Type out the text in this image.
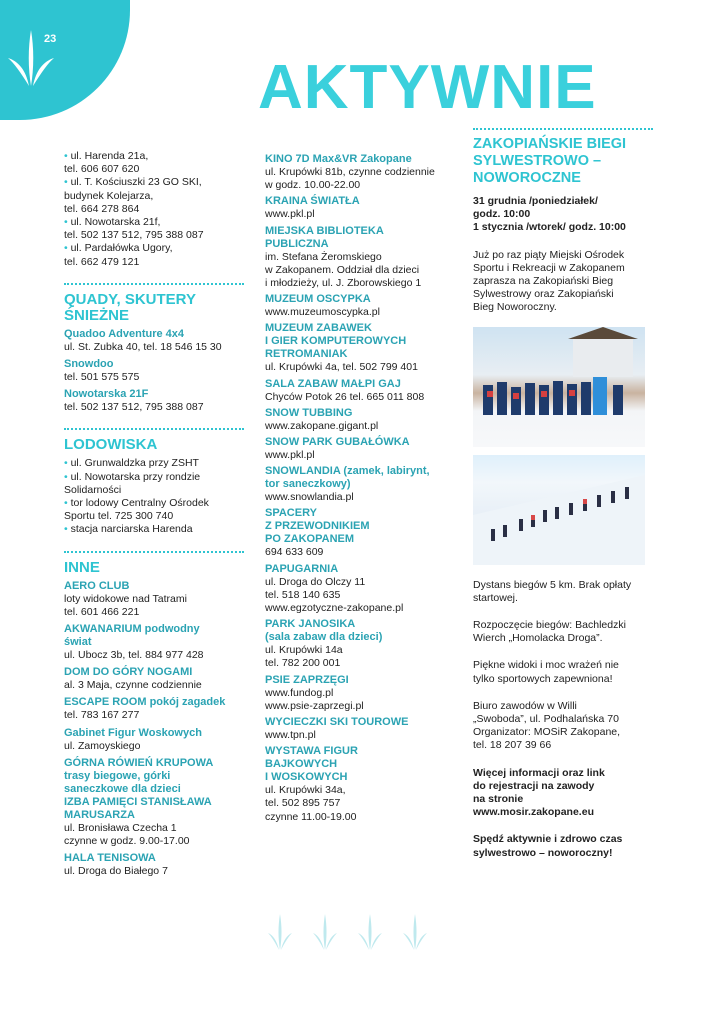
23
AKTYWNIE
• ul. Harenda 21a,
tel. 606 607 620
• ul. T. Kościuszki 23 GO SKI,
budynek Kolejarza,
tel. 664 278 864
• ul. Nowotarska 21f,
tel. 502 137 512, 795 388 087
• ul. Pardałówka Ugory,
tel. 662 479 121
QUADY, SKUTERY
ŚNIEŻNE
Quadoo Adventure 4x4
ul. St. Zubka 40, tel. 18 546 15 30
Snowdoo
tel. 501 575 575
Nowotarska 21F
tel. 502 137 512, 795 388 087
LODOWISKA
• ul. Grunwaldzka przy ZSHT
• ul. Nowotarska przy rondzie
Solidarności
• tor lodowy Centralny Ośrodek
Sportu tel. 725 300 740
• stacja narciarska Harenda
INNE
AERO CLUB
loty widokowe nad Tatrami
tel. 601 466 221
AKWANARIUM podwodny
świat
ul. Ubocz 3b, tel. 884 977 428
DOM DO GÓRY NOGAMI
al. 3 Maja, czynne codziennie
ESCAPE ROOM pokój zagadek
tel. 783 167 277
Gabinet Figur Woskowych
ul. Zamoyskiego
GÓRNA RÓWIEŃ KRUPOWA
trasy biegowe, górki
saneczkowe dla dzieci
IZBA PAMIĘCI STANISŁAWA
MARUSARZA
ul. Bronisława Czecha 1
czynne w godz. 9.00-17.00
HALA TENISOWA
ul. Droga do Białego 7
KINO 7D Max&VR Zakopane
ul. Krupówki 81b, czynne codziennie
w godz. 10.00-22.00
KRAINA ŚWIATŁA
www.pkl.pl
MIEJSKA BIBLIOTEKA
PUBLICZNA
im. Stefana Żeromskiego
w Zakopanem. Oddział dla dzieci
i młodzieży, ul. J. Zborowskiego 1
MUZEUM OSCYPKA
www.muzeumoscypka.pl
MUZEUM ZABAWEK
I GIER KOMPUTEROWYCH
RETROMANIAK
ul. Krupówki 4a, tel. 502 799 401
SALA ZABAW MAŁPI GAJ
Chyców Potok 26 tel. 665 011 808
SNOW TUBBING
www.zakopane.gigant.pl
SNOW PARK GUBAŁÓWKA
www.pkl.pl
SNOWLANDIA (zamek, labirynt,
tor saneczkowy)
www.snowlandia.pl
SPACERY
Z PRZEWODNIKIEM
PO ZAKOPANEM
694 633 609
PAPUGARNIA
ul. Droga do Olczy 11
tel. 518 140 635
www.egzotyczne-zakopane.pl
PARK JANOSIKA
(sala zabaw dla dzieci)
ul. Krupówki 14a
tel. 782 200 001
PSIE ZAPRZĘGI
www.fundog.pl
www.psie-zaprzegi.pl
WYCIECZKI SKI TOUROWE
www.tpn.pl
WYSTAWA FIGUR
BAJKOWYCH
I WOSKOWYCH
ul. Krupówki 34a,
tel. 502 895 757
czynne 11.00-19.00
ZAKOPIAŃSKIE BIEGI
SYLWESTROWO –
NOWOROCZNE
31 grudnia /poniedziałek/
godz. 10:00
1 stycznia /wtorek/ godz. 10:00
Już po raz piąty Miejski Ośrodek
Sportu i Rekreacji w Zakopanem
zaprasza na Zakopiański Bieg
Sylwestrowy oraz Zakopiański
Bieg Noworoczny.
Dystans biegów 5 km. Brak opłaty
startowej.
Rozpoczęcie biegów: Bachledzki
Wierch „Homolacka Droga”.
Piękne widoki i moc wrażeń nie
tylko sportowych zapewniona!
Biuro zawodów w Willi
„Swoboda”, ul. Podhalańska 70
Organizator: MOSiR Zakopane,
tel. 18 207 39 66
Więcej informacji oraz link
do rejestracji na zawody
na stronie
www.mosir.zakopane.eu
Spędź aktywnie i zdrowo czas
sylwestrowo – noworoczny!
